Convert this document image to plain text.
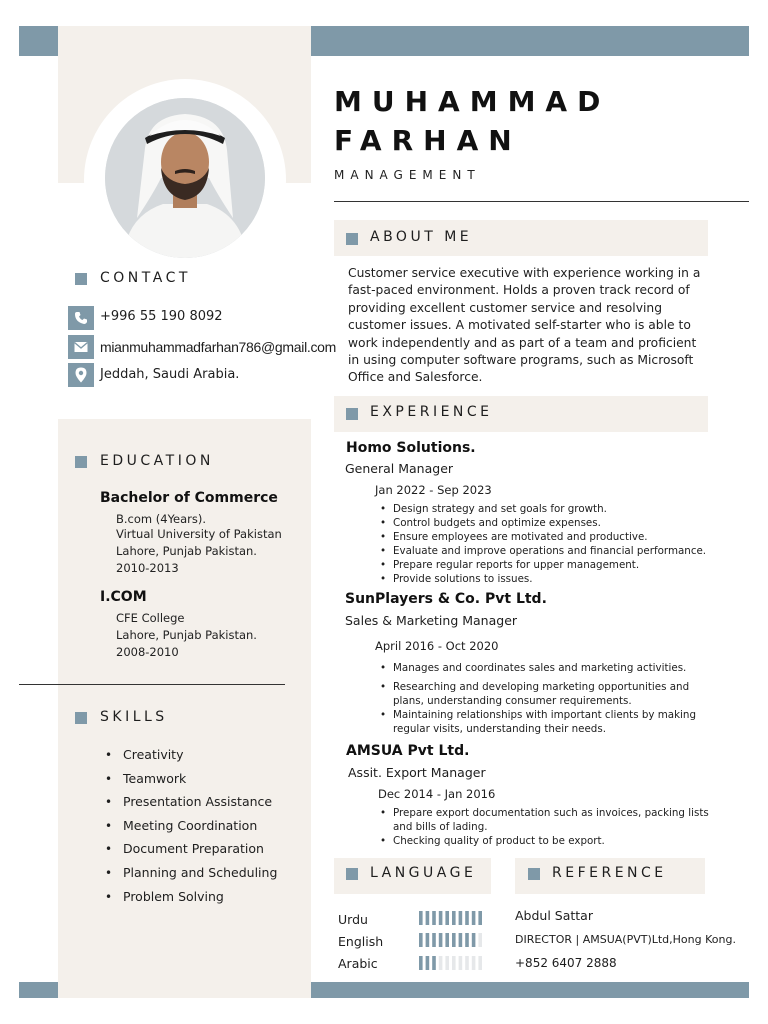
MUHAMMAD
FARHAN
MANAGEMENT
CONTACT
+996 55 190 8092
mianmuhammadfarhan786@gmail.com
Jeddah, Saudi Arabia.
EDUCATION
Bachelor of Commerce
B.com (4Years).
Virtual University of Pakistan
Lahore, Punjab Pakistan.
2010-2013
I.COM
CFE College
Lahore, Punjab Pakistan.
2008-2010
SKILLS
• Creativity
• Teamwork
• Presentation Assistance
• Meeting Coordination
• Document Preparation
• Planning and Scheduling
• Problem Solving
ABOUT ME
Customer service executive with experience working in a fast-paced environment. Holds a proven track record of providing excellent customer service and resolving customer issues. A motivated self-starter who is able to work independently and as part of a team and proficient in using computer software programs, such as Microsoft Office and Salesforce.
EXPERIENCE
Homo Solutions.
General Manager
Jan 2022 - Sep 2023
• Design strategy and set goals for growth.
• Control budgets and optimize expenses.
• Ensure employees are motivated and productive.
• Evaluate and improve operations and financial performance.
• Prepare regular reports for upper management.
• Provide solutions to issues.
SunPlayers & Co. Pvt Ltd.
Sales & Marketing Manager
April 2016 - Oct 2020
• Manages and coordinates sales and marketing activities.
• Researching and developing marketing opportunities and plans, understanding consumer requirements.
• Maintaining relationships with important clients by making regular visits, understanding their needs.
AMSUA Pvt Ltd.
Assit. Export Manager
Dec 2014 - Jan 2016
• Prepare export documentation such as invoices, packing lists and bills of lading.
• Checking quality of product to be export.
LANGUAGE
Urdu
English
Arabic
REFERENCE
Abdul Sattar
DIRECTOR | AMSUA(PVT)Ltd,Hong Kong.
+852 6407 2888
